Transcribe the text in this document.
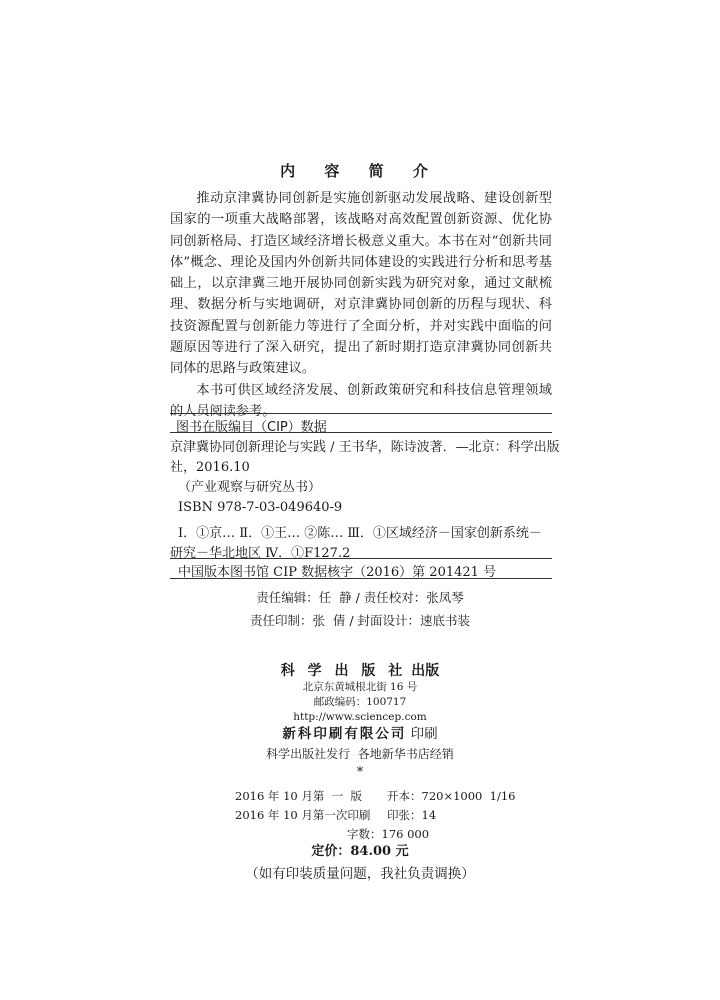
内 容 简 介

推动京津冀协同创新是实施创新驱动发展战略、建设创新型国家的一项重大战略部署，该战略对高效配置创新资源、优化协同创新格局、打造区域经济增长极意义重大。本书在对“创新共同体”概念、理论及国内外创新共同体建设的实践进行分析和思考基础上，以京津冀三地开展协同创新实践为研究对象，通过文献梳理、数据分析与实地调研，对京津冀协同创新的历程与现状、科技资源配置与创新能力等进行了全面分析，并对实践中面临的问题原因等进行了深入研究，提出了新时期打造京津冀协同创新共同体的思路与政策建议。

本书可供区域经济发展、创新政策研究和科技信息管理领域的人员阅读参考。

图书在版编目（CIP）数据
京津冀协同创新理论与实践 / 王书华，陈诗波著．—北京：科学出版
社，2016.10
（产业观察与研究丛书）
ISBN 978-7-03-049640-9
Ⅰ．①京… Ⅱ．①王… ②陈… Ⅲ．①区域经济－国家创新系统－
研究－华北地区 Ⅳ．①F127.2
中国版本图书馆 CIP 数据核字（2016）第 201421 号
责任编辑：任  静 / 责任校对：张凤琴
责任印制：张  倩 / 封面设计：速底书装
科 学 出 版 社 出版
北京东黄城根北街 16 号
邮政编码：100717
http://www.sciencep.com
新科印刷有限公司 印刷
科学出版社发行  各地新华书店经销
*
2016 年 10 月第  一  版	开本：720×1000  1/16
2016 年 10 月第一次印刷	印张：14
字数：176 000
定价：84.00 元
（如有印装质量问题，我社负责调换）
